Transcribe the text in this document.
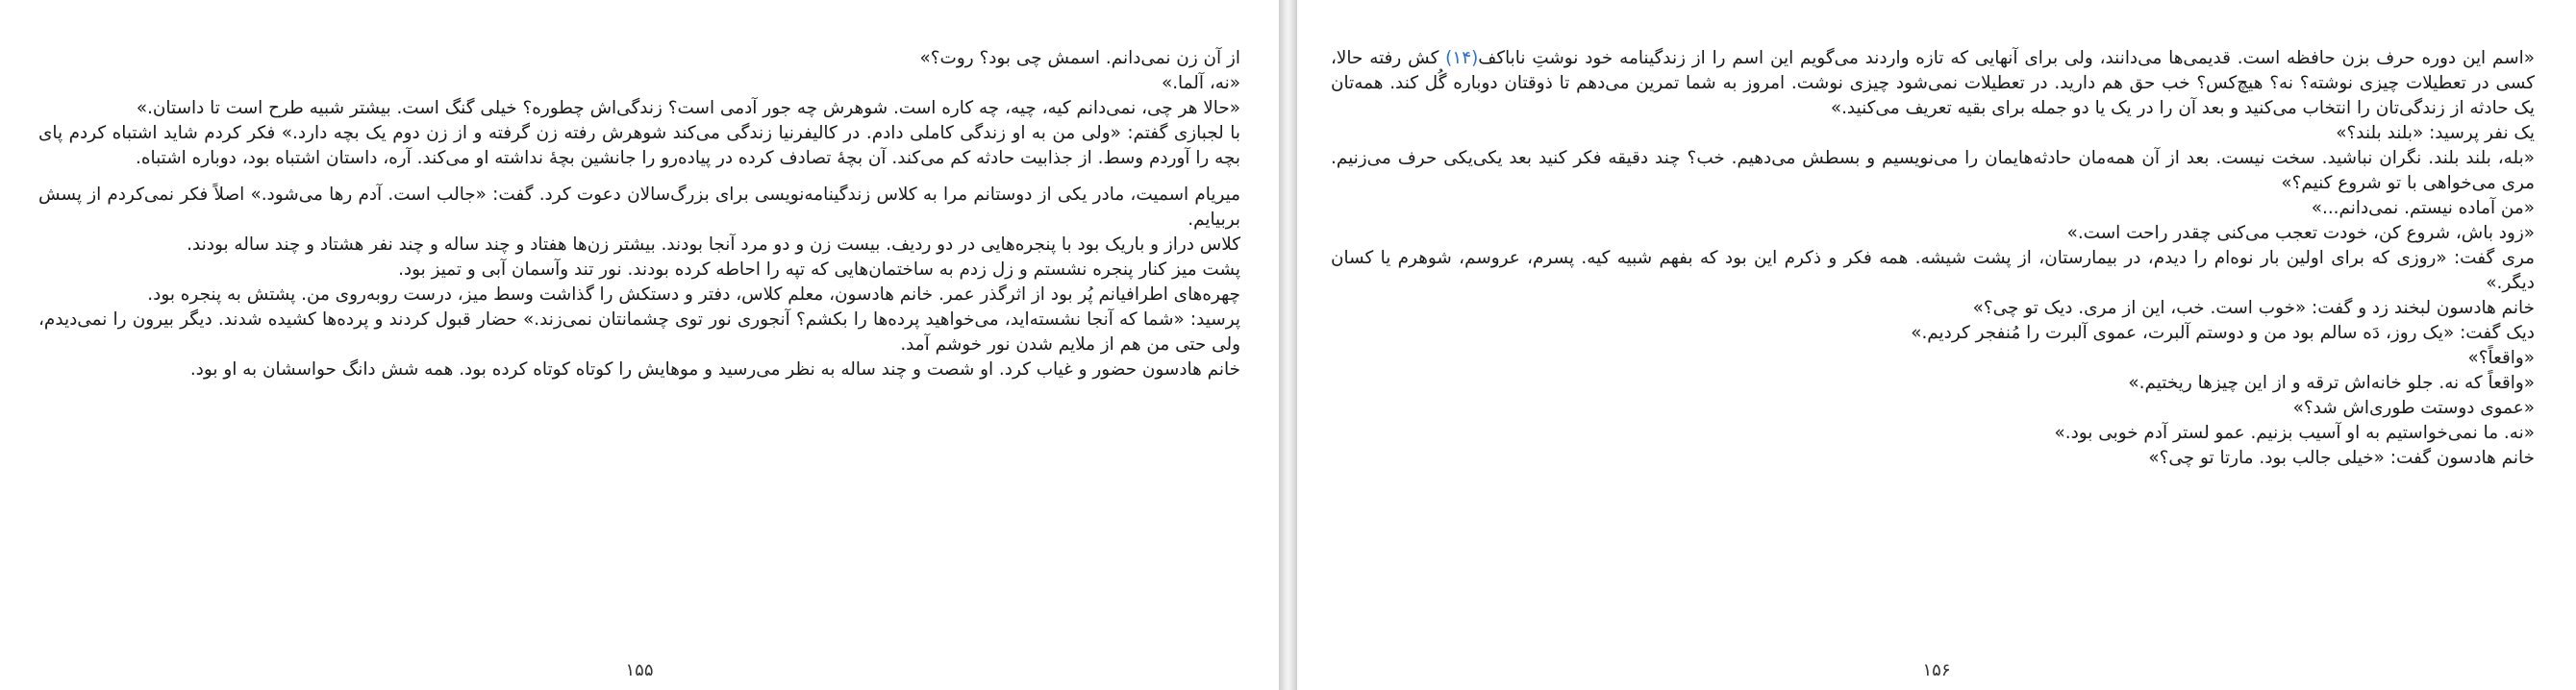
از آن زن نمی‌دانم. اسمش چی بود؟ روت؟»

«نه، آلما.»

«حالا هر چی، نمی‌دانم کیه، چیه، چه کاره است. شوهرش چه جور آدمی است؟ زندگی‌اش چطوره؟ خیلی گنگ است. بیشتر شبیه طرح است تا داستان.»

با لجبازی گفتم: «ولی من به او زندگی کاملی دادم. در کالیفرنیا زندگی می‌کند شوهرش رفته زن گرفته و از زن دوم یک بچه دارد.» فکر کردم شاید اشتباه کردم پای بچه را آوردم وسط. از جذابیت حادثه کم می‌کند. آن بچهٔ تصادف کرده در پیاده‌رو را جانشین بچهٔ نداشته او می‌کند. آره، داستان اشتباه بود، دوباره اشتباه.

میریام اسمیت، مادر یکی از دوستانم مرا به کلاس زندگینامه‌نویسی برای بزرگ‌سالان دعوت کرد. گفت: «جالب است. آدم رها می‌شود.» اصلاً فکر نمی‌کردم از پسش بربیایم.

کلاس دراز و باریک بود با پنجره‌هایی در دو ردیف. بیست زن و دو مرد آنجا بودند. بیشتر زن‌ها هفتاد و چند ساله و چند نفر هشتاد و چند ساله بودند.

پشت میز کنار پنجره نشستم و زل زدم به ساختمان‌هایی که تپه را احاطه کرده بودند. نور تند وآسمان آبی و تمیز بود.

چهره‌های اطرافیانم پُر بود از اثرگذر عمر. خانم هادسون، معلم کلاس، دفتر و دستکش را گذاشت وسط میز، درست روبه‌روی من. پشتش به پنجره بود.

پرسید: «شما که آنجا نشسته‌اید، می‌خواهید پرده‌ها را بکشم؟ آنجوری نور توی چشمانتان نمی‌زند.» حضار قبول کردند و پرده‌ها کشیده شدند. دیگر بیرون را نمی‌دیدم، ولی حتی من هم از ملایم شدن نور خوشم آمد.

خانم هادسون حضور و غیاب کرد. او شصت و چند ساله به نظر می‌رسید و موهایش را کوتاه کوتاه کرده بود. همه شش دانگ حواسشان به او بود.

۱۵۵

«اسم این دوره حرف بزن حافظه است. قدیمی‌ها می‌دانند، ولی برای آنهایی که تازه واردند می‌گویم این اسم را از زندگینامه خود نوشتِ ناباکف(۱۴) کش رفته حالا، کسی در تعطیلات چیزی نوشته؟ نه؟ هیچ‌کس؟ خب حق هم دارید. در تعطیلات نمی‌شود چیزی نوشت. امروز به شما تمرین می‌دهم تا ذوقتان دوباره گُل کند. همه‌تان یک حادثه از زندگی‌تان را انتخاب می‌کنید و بعد آن را در یک یا دو جمله برای بقیه تعریف می‌کنید.»

یک نفر پرسید: «بلند بلند؟»

«بله، بلند بلند. نگران نباشید. سخت نیست. بعد از آن همه‌مان حادثه‌هایمان را می‌نویسیم و بسطش می‌دهیم. خب؟ چند دقیقه فکر کنید بعد یکی‌یکی حرف می‌زنیم. مری می‌خواهی با تو شروع کنیم؟»

«من آماده نیستم. نمی‌دانم...»

«زود باش، شروع کن، خودت تعجب می‌کنی چقدر راحت است.»

مری گفت: «روزی که برای اولین بار نوه‌ام را دیدم، در بیمارستان، از پشت شیشه. همه فکر و ذکرم این بود که بفهم شبیه کیه. پسرم، عروسم، شوهرم یا کسان دیگر.»

خانم هادسون لبخند زد و گفت: «خوب است. خب، این از مری. دیک تو چی؟»

دیک گفت: «یک روز، دَه سالم بود من و دوستم آلبرت، عموی آلبرت را مُنفجر کردیم.»

«واقعاً؟»

«واقعاً که نه. جلو خانه‌اش ترقه و از این چیزها ریختیم.»

«عموی دوستت طوری‌اش شد؟»

«نه. ما نمی‌خواستیم به او آسیب بزنیم. عمو لستر آدم خوبی بود.»

خانم هادسون گفت: «خیلی جالب بود. مارتا تو چی؟»

۱۵۶
